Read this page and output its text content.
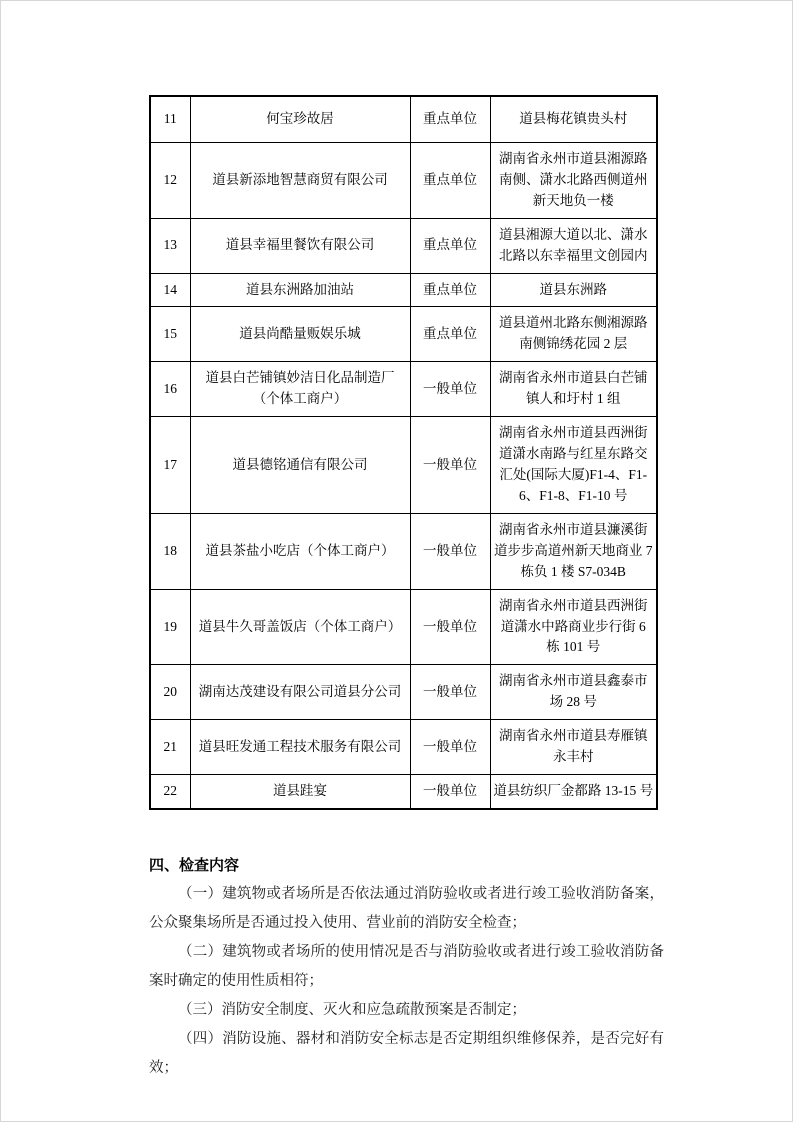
11	何宝珍故居	重点单位	道县梅花镇贵头村
12	道县新添地智慧商贸有限公司	重点单位	湖南省永州市道县湘源路南侧、潇水北路西侧道州新天地负一楼
13	道县幸福里餐饮有限公司	重点单位	道县湘源大道以北、潇水北路以东幸福里文创园内
14	道县东洲路加油站	重点单位	道县东洲路
15	道县尚酷量贩娱乐城	重点单位	道县道州北路东侧湘源路南侧锦绣花园 2 层
16	道县白芒铺镇妙洁日化品制造厂（个体工商户）	一般单位	湖南省永州市道县白芒铺镇人和圩村 1 组
17	道县德铭通信有限公司	一般单位	湖南省永州市道县西洲街道潇水南路与红星东路交汇处(国际大厦)F1-4、F1-6、F1-8、F1-10 号
18	道县茶盐小吃店（个体工商户）	一般单位	湖南省永州市道县濂溪街道步步高道州新天地商业 7 栋负 1 楼 S7-034B
19	道县牛久哥盖饭店（个体工商户）	一般单位	湖南省永州市道县西洲街道潇水中路商业步行街 6 栋 101 号
20	湖南达茂建设有限公司道县分公司	一般单位	湖南省永州市道县鑫泰市场 28 号
21	道县旺发通工程技术服务有限公司	一般单位	湖南省永州市道县寿雁镇永丰村
22	道县跬宴	一般单位	道县纺织厂金都路 13-15 号
四、检查内容

（一）建筑物或者场所是否依法通过消防验收或者进行竣工验收消防备案，公众聚集场所是否通过投入使用、营业前的消防安全检查；

（二）建筑物或者场所的使用情况是否与消防验收或者进行竣工验收消防备案时确定的使用性质相符；

（三）消防安全制度、灭火和应急疏散预案是否制定；

（四）消防设施、器材和消防安全标志是否定期组织维修保养，是否完好有效；
